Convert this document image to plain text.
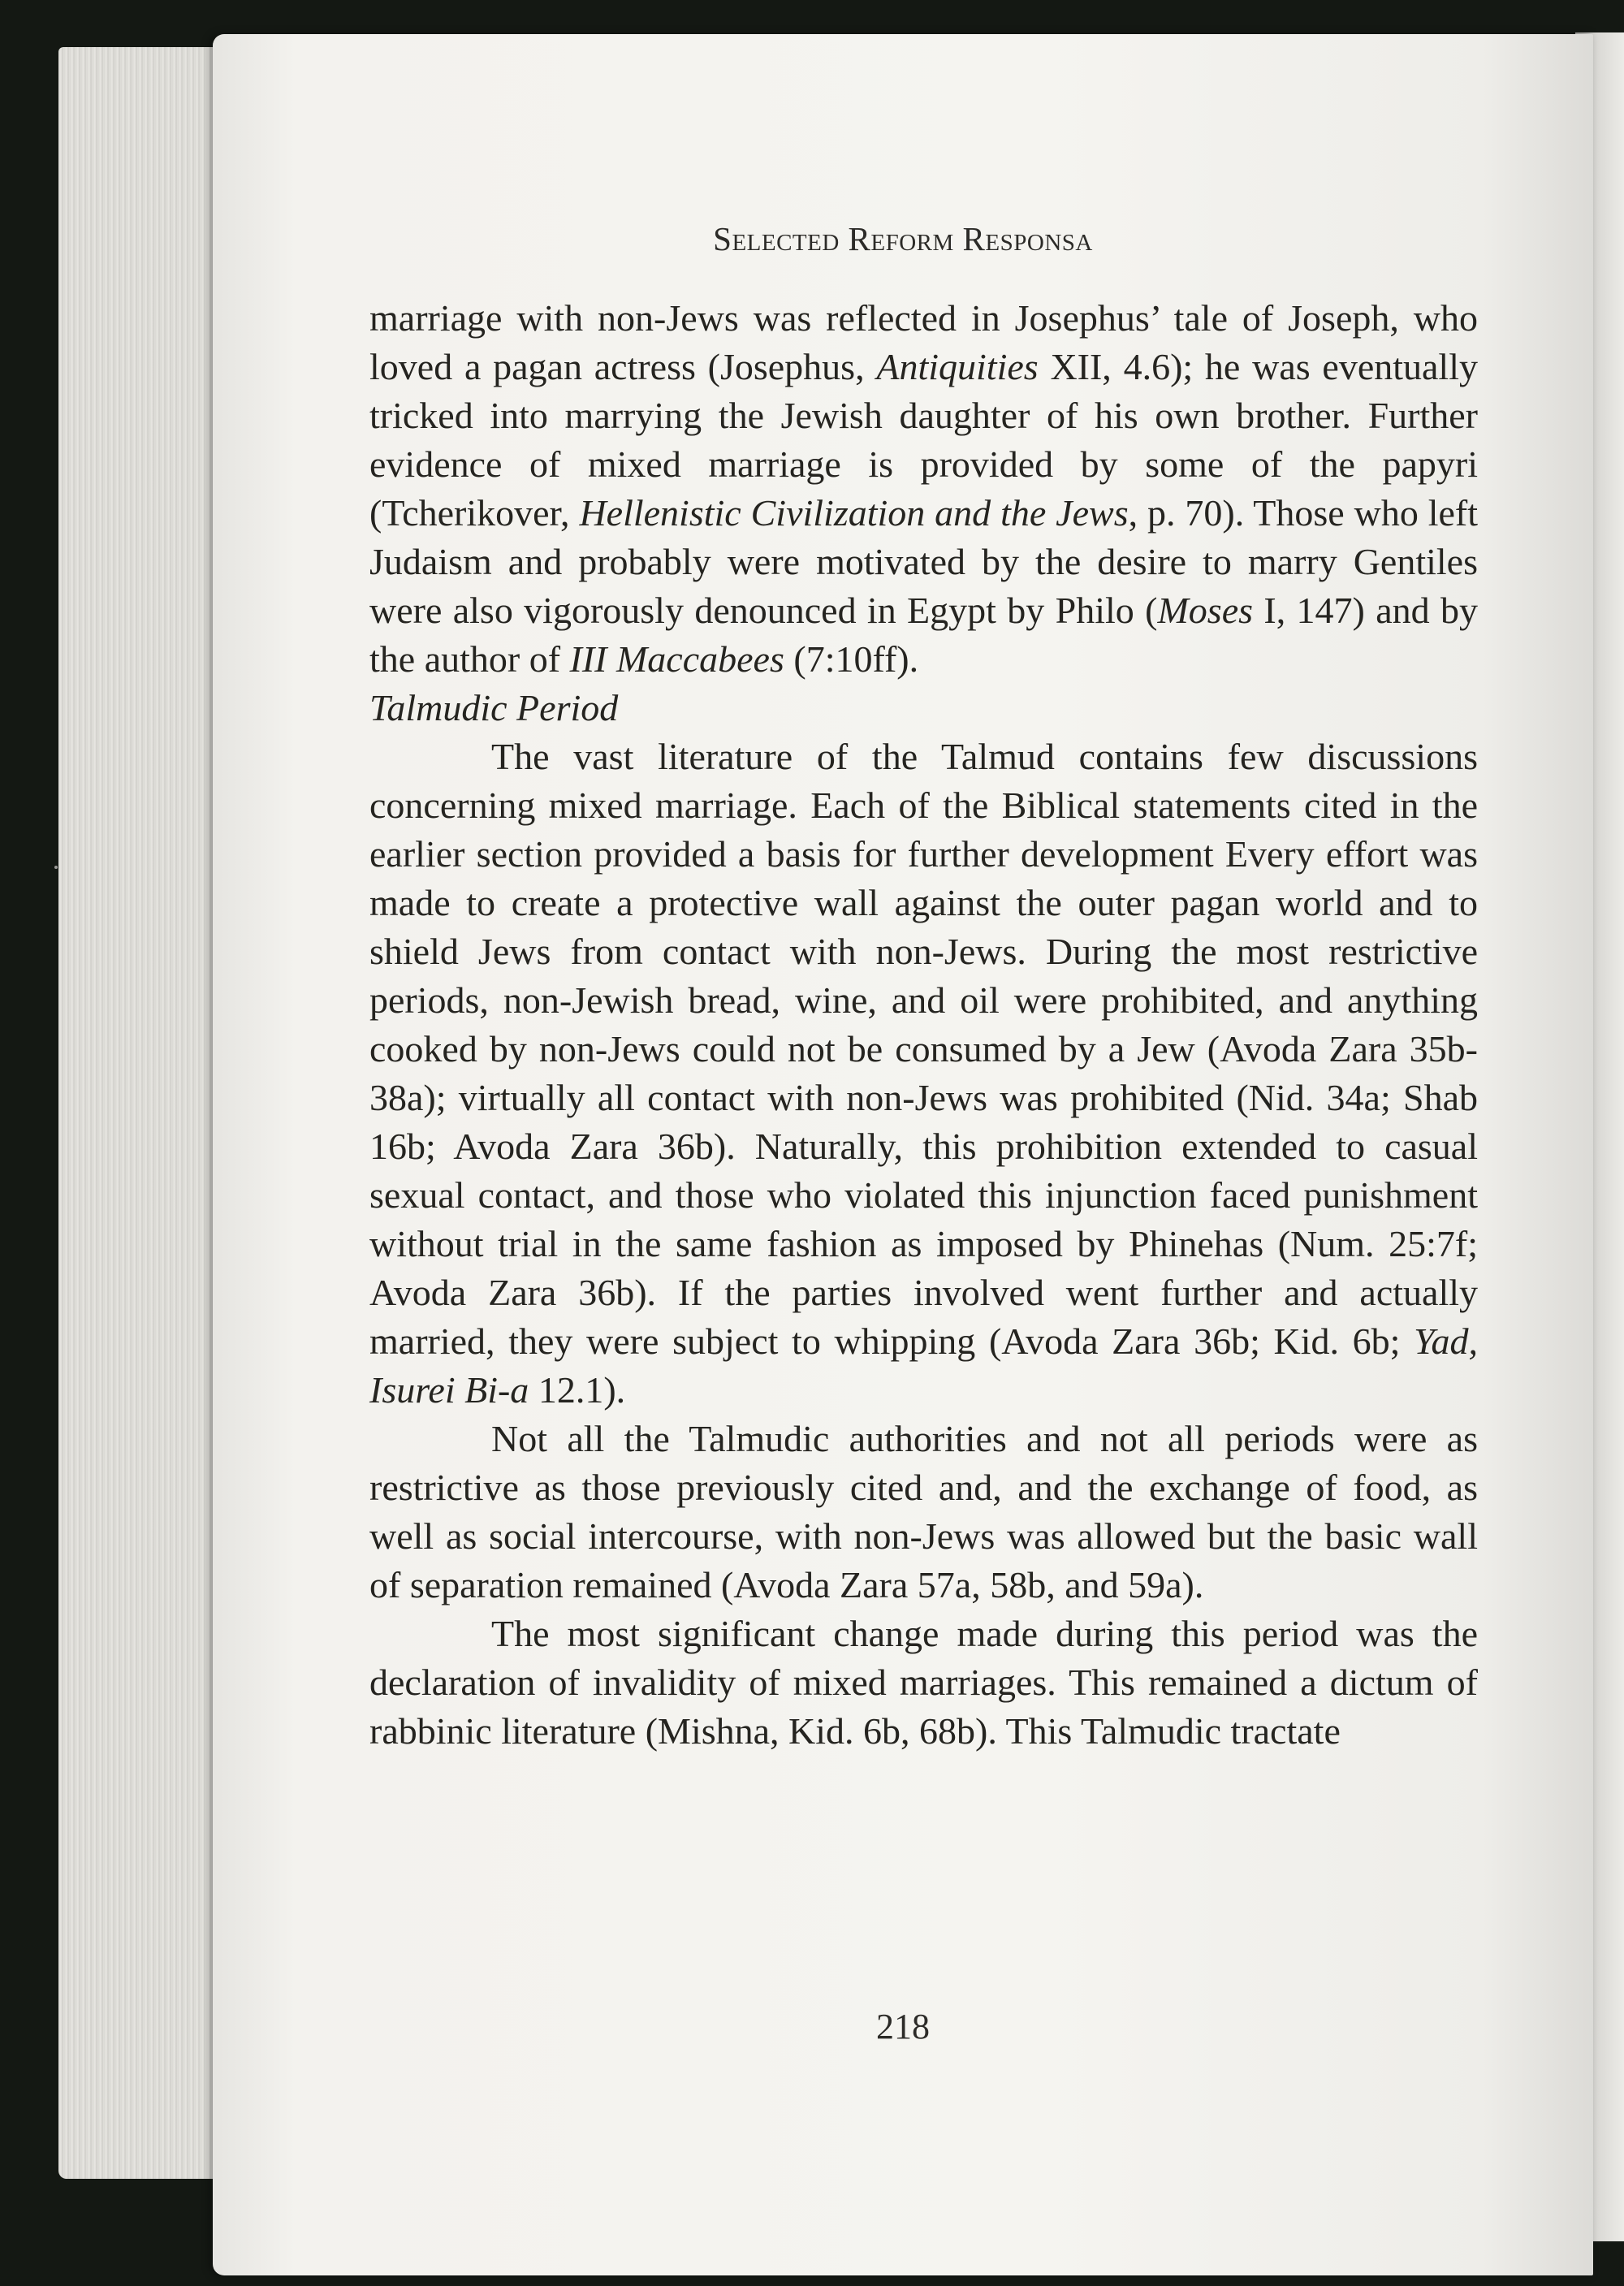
Selected Reform Responsa

marriage with non-Jews was reflected in Josephus’ tale of Joseph, who loved a pagan actress (Josephus, Antiquities XII, 4.6); he was eventually tricked into marrying the Jewish daughter of his own brother. Further evidence of mixed marriage is provided by some of the papyri (Tcherikover, Hellenistic Civilization and the Jews, p. 70). Those who left Judaism and probably were motivated by the desire to marry Gentiles were also vigorously denounced in Egypt by Philo (Moses I, 147) and by the author of III Maccabees (7:10ff).

Talmudic Period

The vast literature of the Talmud contains few discussions concerning mixed marriage. Each of the Biblical statements cited in the earlier section provided a basis for further development Every effort was made to create a protective wall against the outer pagan world and to shield Jews from contact with non-Jews. During the most restrictive periods, non-Jewish bread, wine, and oil were prohibited, and anything cooked by non-Jews could not be consumed by a Jew (Avoda Zara 35b-38a); virtually all contact with non-Jews was prohibited (Nid. 34a; Shab 16b; Avoda Zara 36b). Naturally, this prohibition extended to casual sexual contact, and those who violated this injunction faced punishment without trial in the same fashion as imposed by Phinehas (Num. 25:7f; Avoda Zara 36b). If the parties involved went further and actually married, they were subject to whipping (Avoda Zara 36b; Kid. 6b; Yad, Isurei Bi-a 12.1).

Not all the Talmudic authorities and not all periods were as restrictive as those previously cited and, and the exchange of food, as well as social intercourse, with non-Jews was allowed but the basic wall of separation remained (Avoda Zara 57a, 58b, and 59a).

The most significant change made during this period was the declaration of invalidity of mixed marriages. This remained a dictum of rabbinic literature (Mishna, Kid. 6b, 68b). This Talmudic tractate

218
